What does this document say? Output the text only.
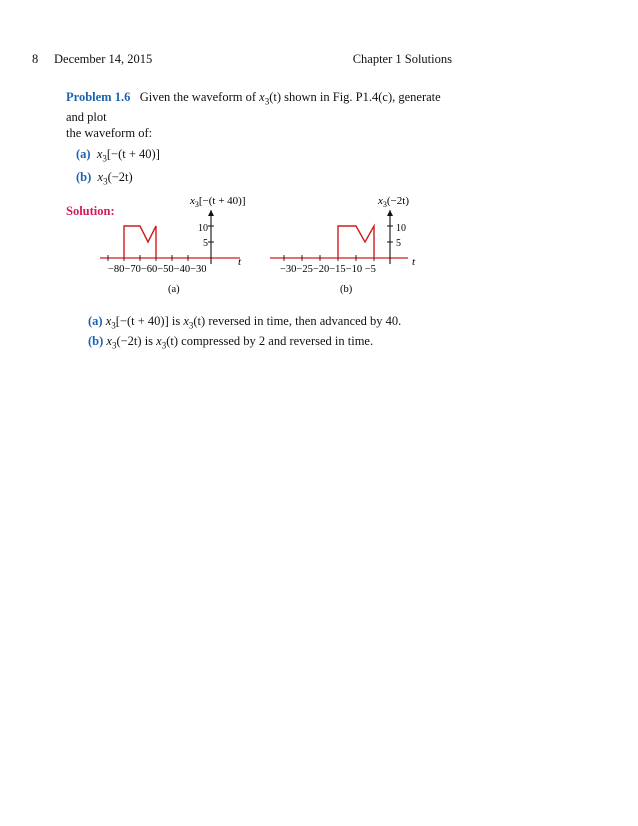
8 December 14, 2015	Chapter 1 Solutions

Problem 1.6 Given the waveform of $x_3(t)$ shown in Fig. P1.4(c), generate and plot
the waveform of:

(a) $x_3[-(t + 40)]$

(b) $x_3(-2t)$

Solution:

$x_3[-(t + 40)]$
10
5
t
−80−70−60−50−40−30
(a)
$x_3(-2t)$
10
5
t
−30−25−20−15−10 −5
(b)

(a) $x_3[-(t + 40)]$ is $x_3(t)$ reversed in time, then advanced by 40.

(b) $x_3(-2t)$ is $x_3(t)$ compressed by 2 and reversed in time.
